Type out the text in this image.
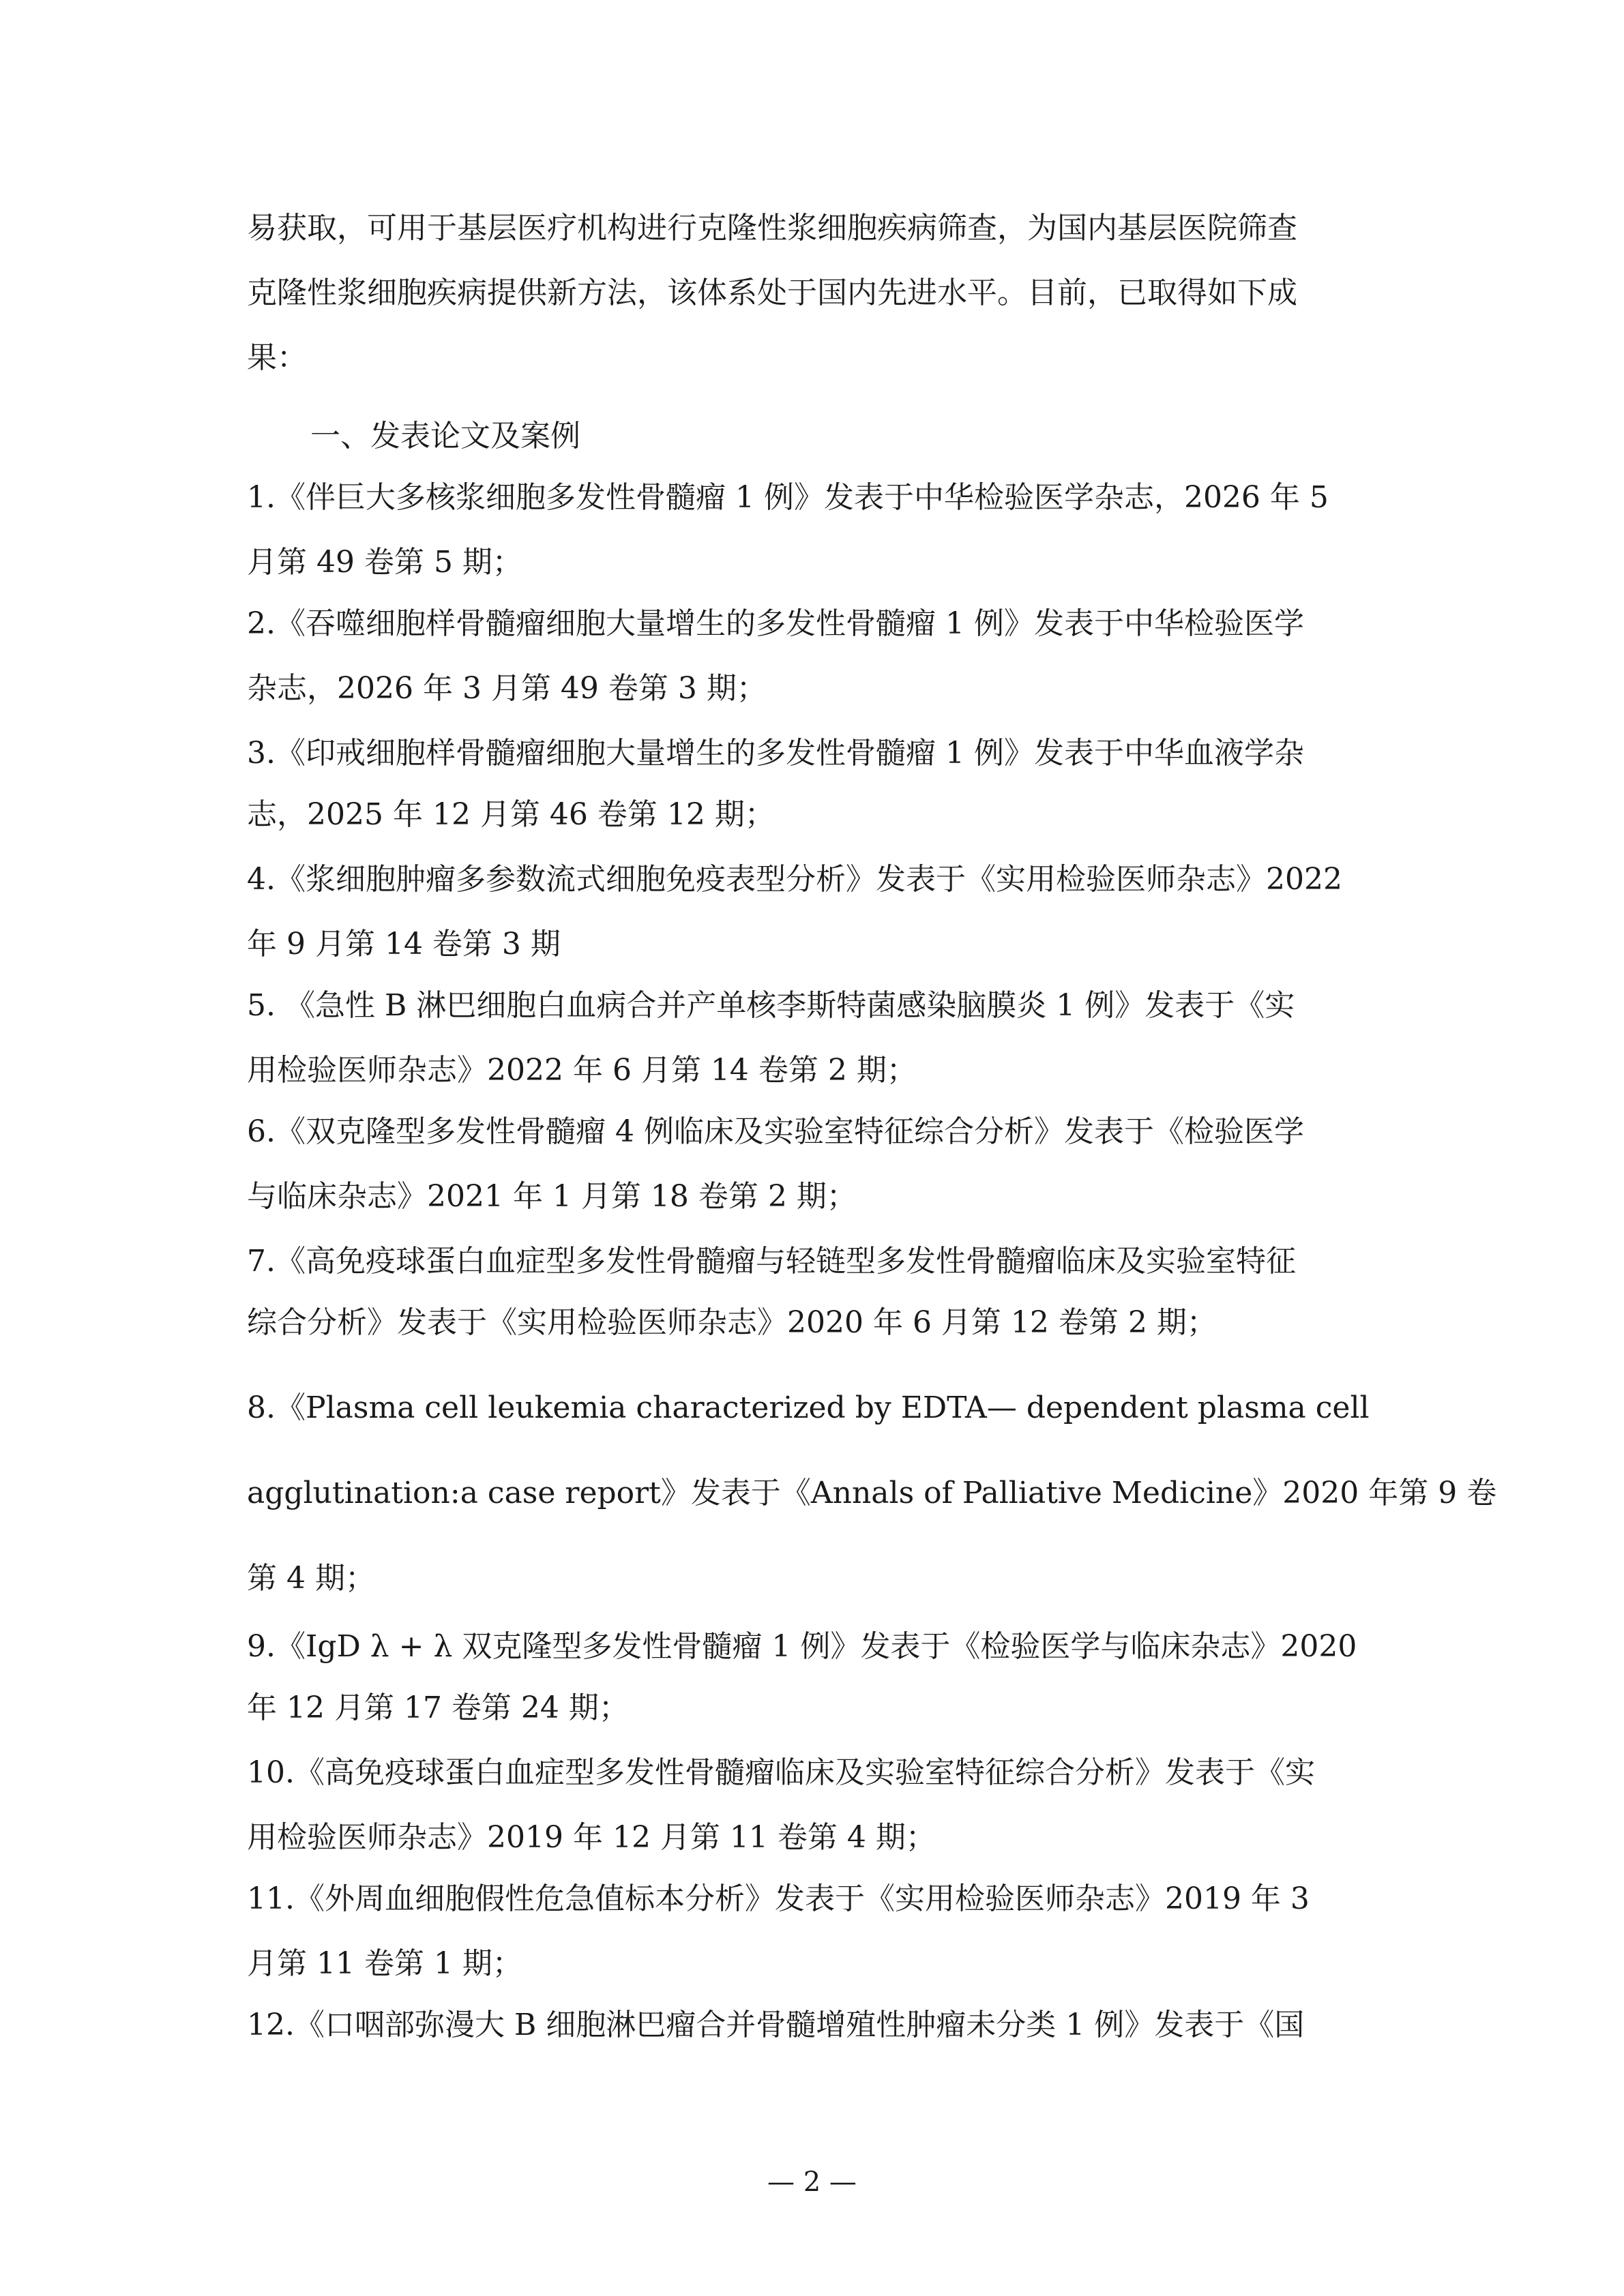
易获取，可用于基层医疗机构进行克隆性浆细胞疾病筛查，为国内基层医院筛查
克隆性浆细胞疾病提供新方法，该体系处于国内先进水平。目前，已取得如下成
果：
一、发表论文及案例
1.《伴巨大多核浆细胞多发性骨髓瘤 1 例》发表于中华检验医学杂志，2026 年 5
月第 49 卷第 5 期；
2.《吞噬细胞样骨髓瘤细胞大量增生的多发性骨髓瘤 1 例》发表于中华检验医学
杂志，2026 年 3 月第 49 卷第 3 期；
3.《印戒细胞样骨髓瘤细胞大量增生的多发性骨髓瘤 1 例》发表于中华血液学杂
志，2025 年 12 月第 46 卷第 12 期；
4.《浆细胞肿瘤多参数流式细胞免疫表型分析》发表于《实用检验医师杂志》2022
年 9 月第 14 卷第 3 期
5. 《急性 B 淋巴细胞白血病合并产单核李斯特菌感染脑膜炎 1 例》发表于《实
用检验医师杂志》2022 年 6 月第 14 卷第 2 期；
6.《双克隆型多发性骨髓瘤 4 例临床及实验室特征综合分析》发表于《检验医学
与临床杂志》2021 年 1 月第 18 卷第 2 期；
7.《高免疫球蛋白血症型多发性骨髓瘤与轻链型多发性骨髓瘤临床及实验室特征
综合分析》发表于《实用检验医师杂志》2020 年 6 月第 12 卷第 2 期；
8.《Plasma cell leukemia characterized by EDTA— dependent plasma cell
agglutination:a case report》发表于《Annals of Palliative Medicine》2020 年第 9 卷
第 4 期；
9.《IgD λ + λ 双克隆型多发性骨髓瘤 1 例》发表于《检验医学与临床杂志》2020
年 12 月第 17 卷第 24 期；
10.《高免疫球蛋白血症型多发性骨髓瘤临床及实验室特征综合分析》发表于《实
用检验医师杂志》2019 年 12 月第 11 卷第 4 期；
11.《外周血细胞假性危急值标本分析》发表于《实用检验医师杂志》2019 年 3
月第 11 卷第 1 期；
12.《口咽部弥漫大 B 细胞淋巴瘤合并骨髓增殖性肿瘤未分类 1 例》发表于《国
— 2 —
